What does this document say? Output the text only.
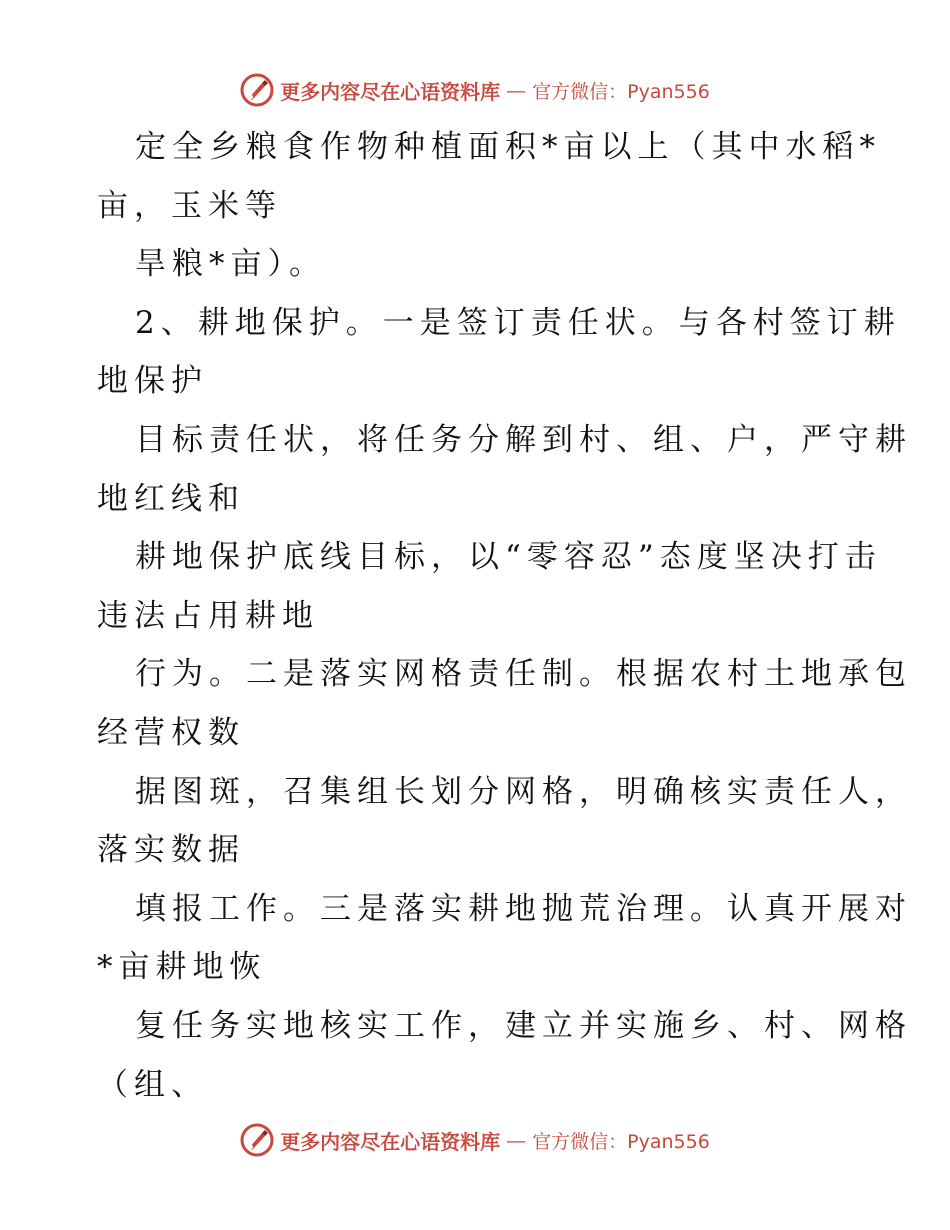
更多内容尽在心语资料库 — 官方微信：Pyan556
定全乡粮食作物种植面积*亩以上（其中水稻*
亩，玉米等
旱粮*亩）。
2、耕地保护。一是签订责任状。与各村签订耕
地保护
目标责任状，将任务分解到村、组、户，严守耕
地红线和
耕地保护底线目标，以“零容忍”态度坚决打击
违法占用耕地
行为。二是落实网格责任制。根据农村土地承包
经营权数
据图斑，召集组长划分网格，明确核实责任人，
落实数据
填报工作。三是落实耕地抛荒治理。认真开展对
*亩耕地恢
复任务实地核实工作，建立并实施乡、村、网格
（组、
更多内容尽在心语资料库 — 官方微信：Pyan556
